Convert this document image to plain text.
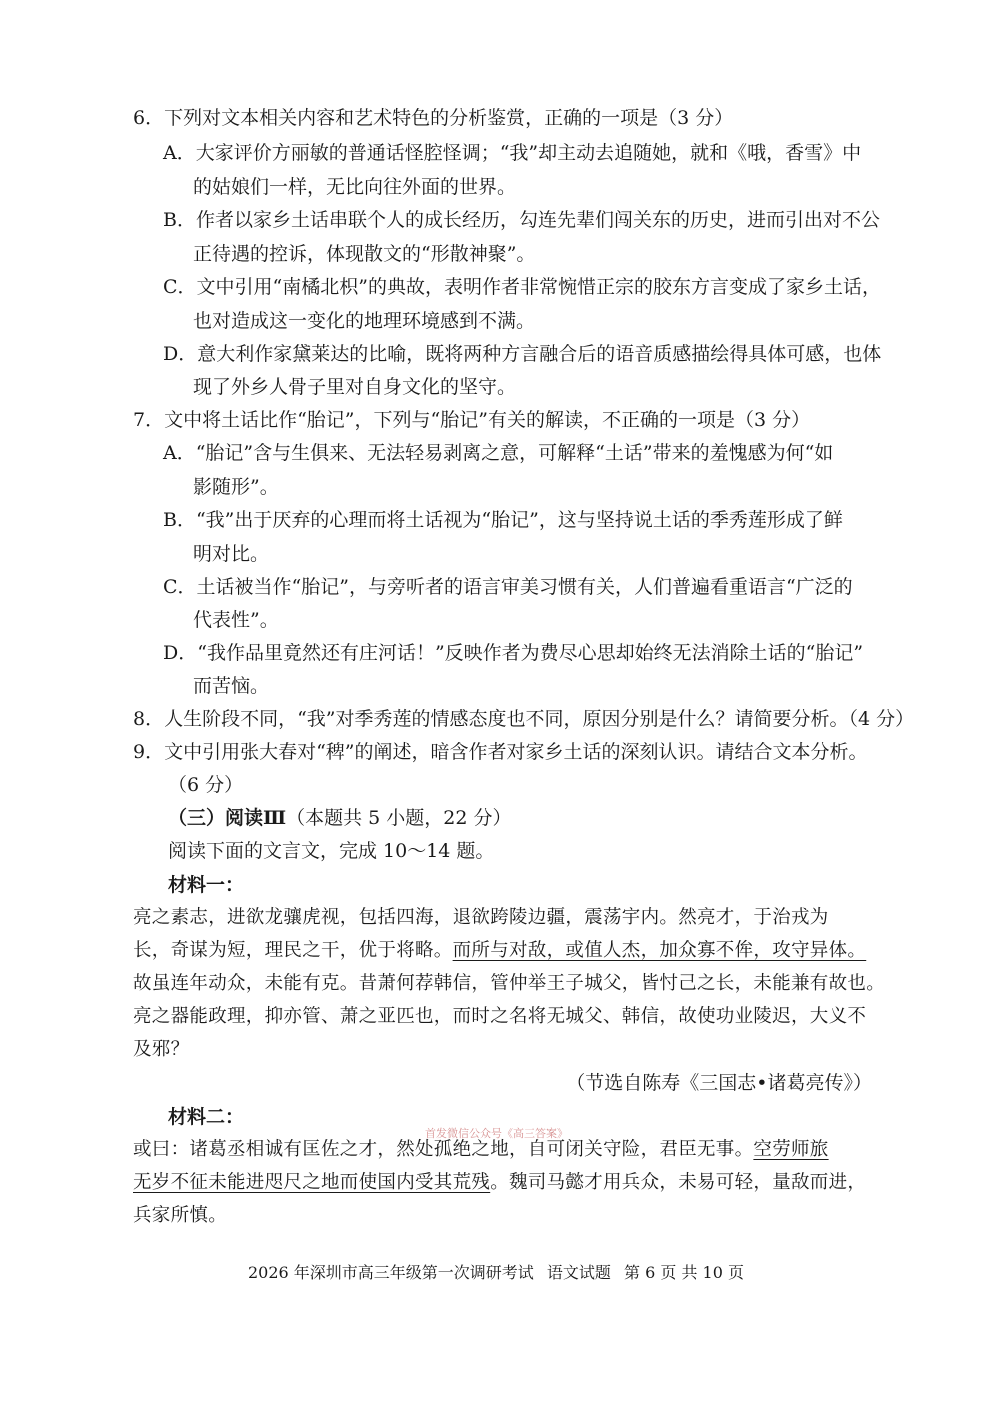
6．下列对文本相关内容和艺术特色的分析鉴赏，正确的一项是（3 分）
A．大家评价方丽敏的普通话怪腔怪调；“我”却主动去追随她，就和《哦，香雪》中
的姑娘们一样，无比向往外面的世界。
B．作者以家乡土话串联个人的成长经历，勾连先辈们闯关东的历史，进而引出对不公
正待遇的控诉，体现散文的“形散神聚”。
C．文中引用“南橘北枳”的典故，表明作者非常惋惜正宗的胶东方言变成了家乡土话，
也对造成这一变化的地理环境感到不满。
D．意大利作家黛莱达的比喻，既将两种方言融合后的语音质感描绘得具体可感，也体
现了外乡人骨子里对自身文化的坚守。
7．文中将土话比作“胎记”，下列与“胎记”有关的解读，不正确的一项是（3 分）
A．“胎记”含与生俱来、无法轻易剥离之意，可解释“土话”带来的羞愧感为何“如
影随形”。
B．“我”出于厌弃的心理而将土话视为“胎记”，这与坚持说土话的季秀莲形成了鲜
明对比。
C．土话被当作“胎记”，与旁听者的语言审美习惯有关，人们普遍看重语言“广泛的
代表性”。
D．“我作品里竟然还有庄河话！”反映作者为费尽心思却始终无法消除土话的“胎记”
而苦恼。
8．人生阶段不同，“我”对季秀莲的情感态度也不同，原因分别是什么？请简要分析。（4 分）
9．文中引用张大春对“稗”的阐述，暗含作者对家乡土话的深刻认识。请结合文本分析。
（6 分）
（三）阅读Ⅲ（本题共 5 小题，22 分）
阅读下面的文言文，完成 10～14 题。
材料一：
亮之素志，进欲龙骧虎视，包括四海，退欲跨陵边疆，震荡宇内。然亮才，于治戎为
长，奇谋为短，理民之干，优于将略。而所与对敌，或值人杰，加众寡不侔，攻守异体。
故虽连年动众，未能有克。昔萧何荐韩信，管仲举王子城父，皆忖己之长，未能兼有故也。
亮之器能政理，抑亦管、萧之亚匹也，而时之名将无城父、韩信，故使功业陵迟，大义不
及邪？
（节选自陈寿《三国志•诸葛亮传》）
材料二：
首发微信公众号《高三答案》
或曰：诸葛丞相诚有匡佐之才，然处孤绝之地，自可闭关守险，君臣无事。空劳师旅
无岁不征未能进咫尺之地而使国内受其荒残。魏司马懿才用兵众，未易可轻，量敌而进，
兵家所慎。
2026 年深圳市高三年级第一次调研考试 语文试题 第 6 页 共 10 页
